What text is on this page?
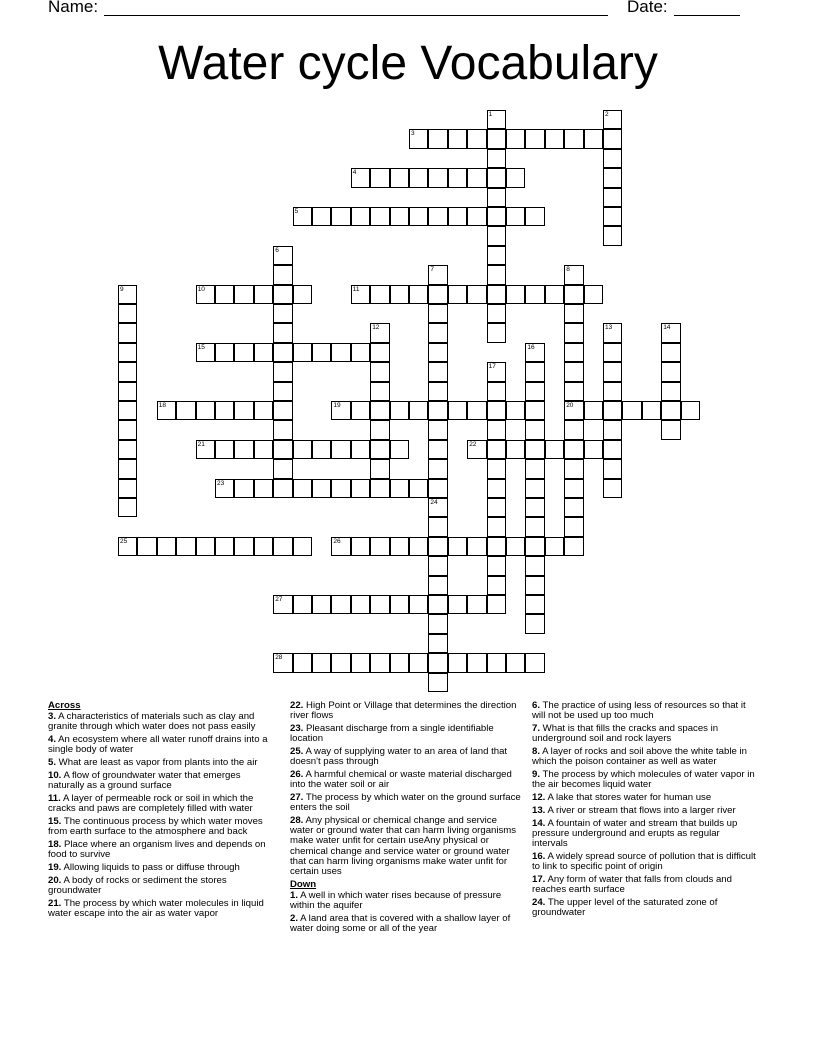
Name:	Date:
Water cycle Vocabulary
1	2
3
4
5
6
7	8
20
9	10	11
12	13	14
15	16
17
18	19
21	22
23
24
25	26
27
28
Across
3. A characteristics of materials such as clay and granite through which water does not pass easily
4. An ecosystem where all water runoff drains into a single body of water
5. What are least as vapor from plants into the air
10. A flow of groundwater water that emerges naturally as a ground surface
11. A layer of permeable rock or soil in which the cracks and paws are completely filled with water
15. The continuous process by which water moves from earth surface to the atmosphere and back
18. Place where an organism lives and depends on food to survive
19. Allowing liquids to pass or diffuse through
20. A body of rocks or sediment the stores groundwater
21. The process by which water molecules in liquid water escape into the air as water vapor
22. High Point or Village that determines the direction river flows
23. Pleasant discharge from a single identifiable location
25. A way of supplying water to an area of land that doesn't pass through
26. A harmful chemical or waste material discharged into the water soil or air
27. The process by which water on the ground surface enters the soil
28. Any physical or chemical change and service water or ground water that can harm living organisms make water unfit for certain useAny physical or chemical change and service water or ground water that can harm living organisms make water unfit for certain uses
Down
1. A well in which water rises because of pressure within the aquifer
2. A land area that is covered with a shallow layer of water doing some or all of the year
6. The practice of using less of resources so that it will not be used up too much
7. What is that fills the cracks and spaces in underground soil and rock layers
8. A layer of rocks and soil above the white table in which the poison container as well as water
9. The process by which molecules of water vapor in the air becomes liquid water
12. A lake that stores water for human use
13. A river or stream that flows into a larger river
14. A fountain of water and stream that builds up pressure underground and erupts as regular intervals
16. A widely spread source of pollution that is difficult to link to specific point of origin
17. Any form of water that falls from clouds and reaches earth surface
24. The upper level of the saturated zone of groundwater
